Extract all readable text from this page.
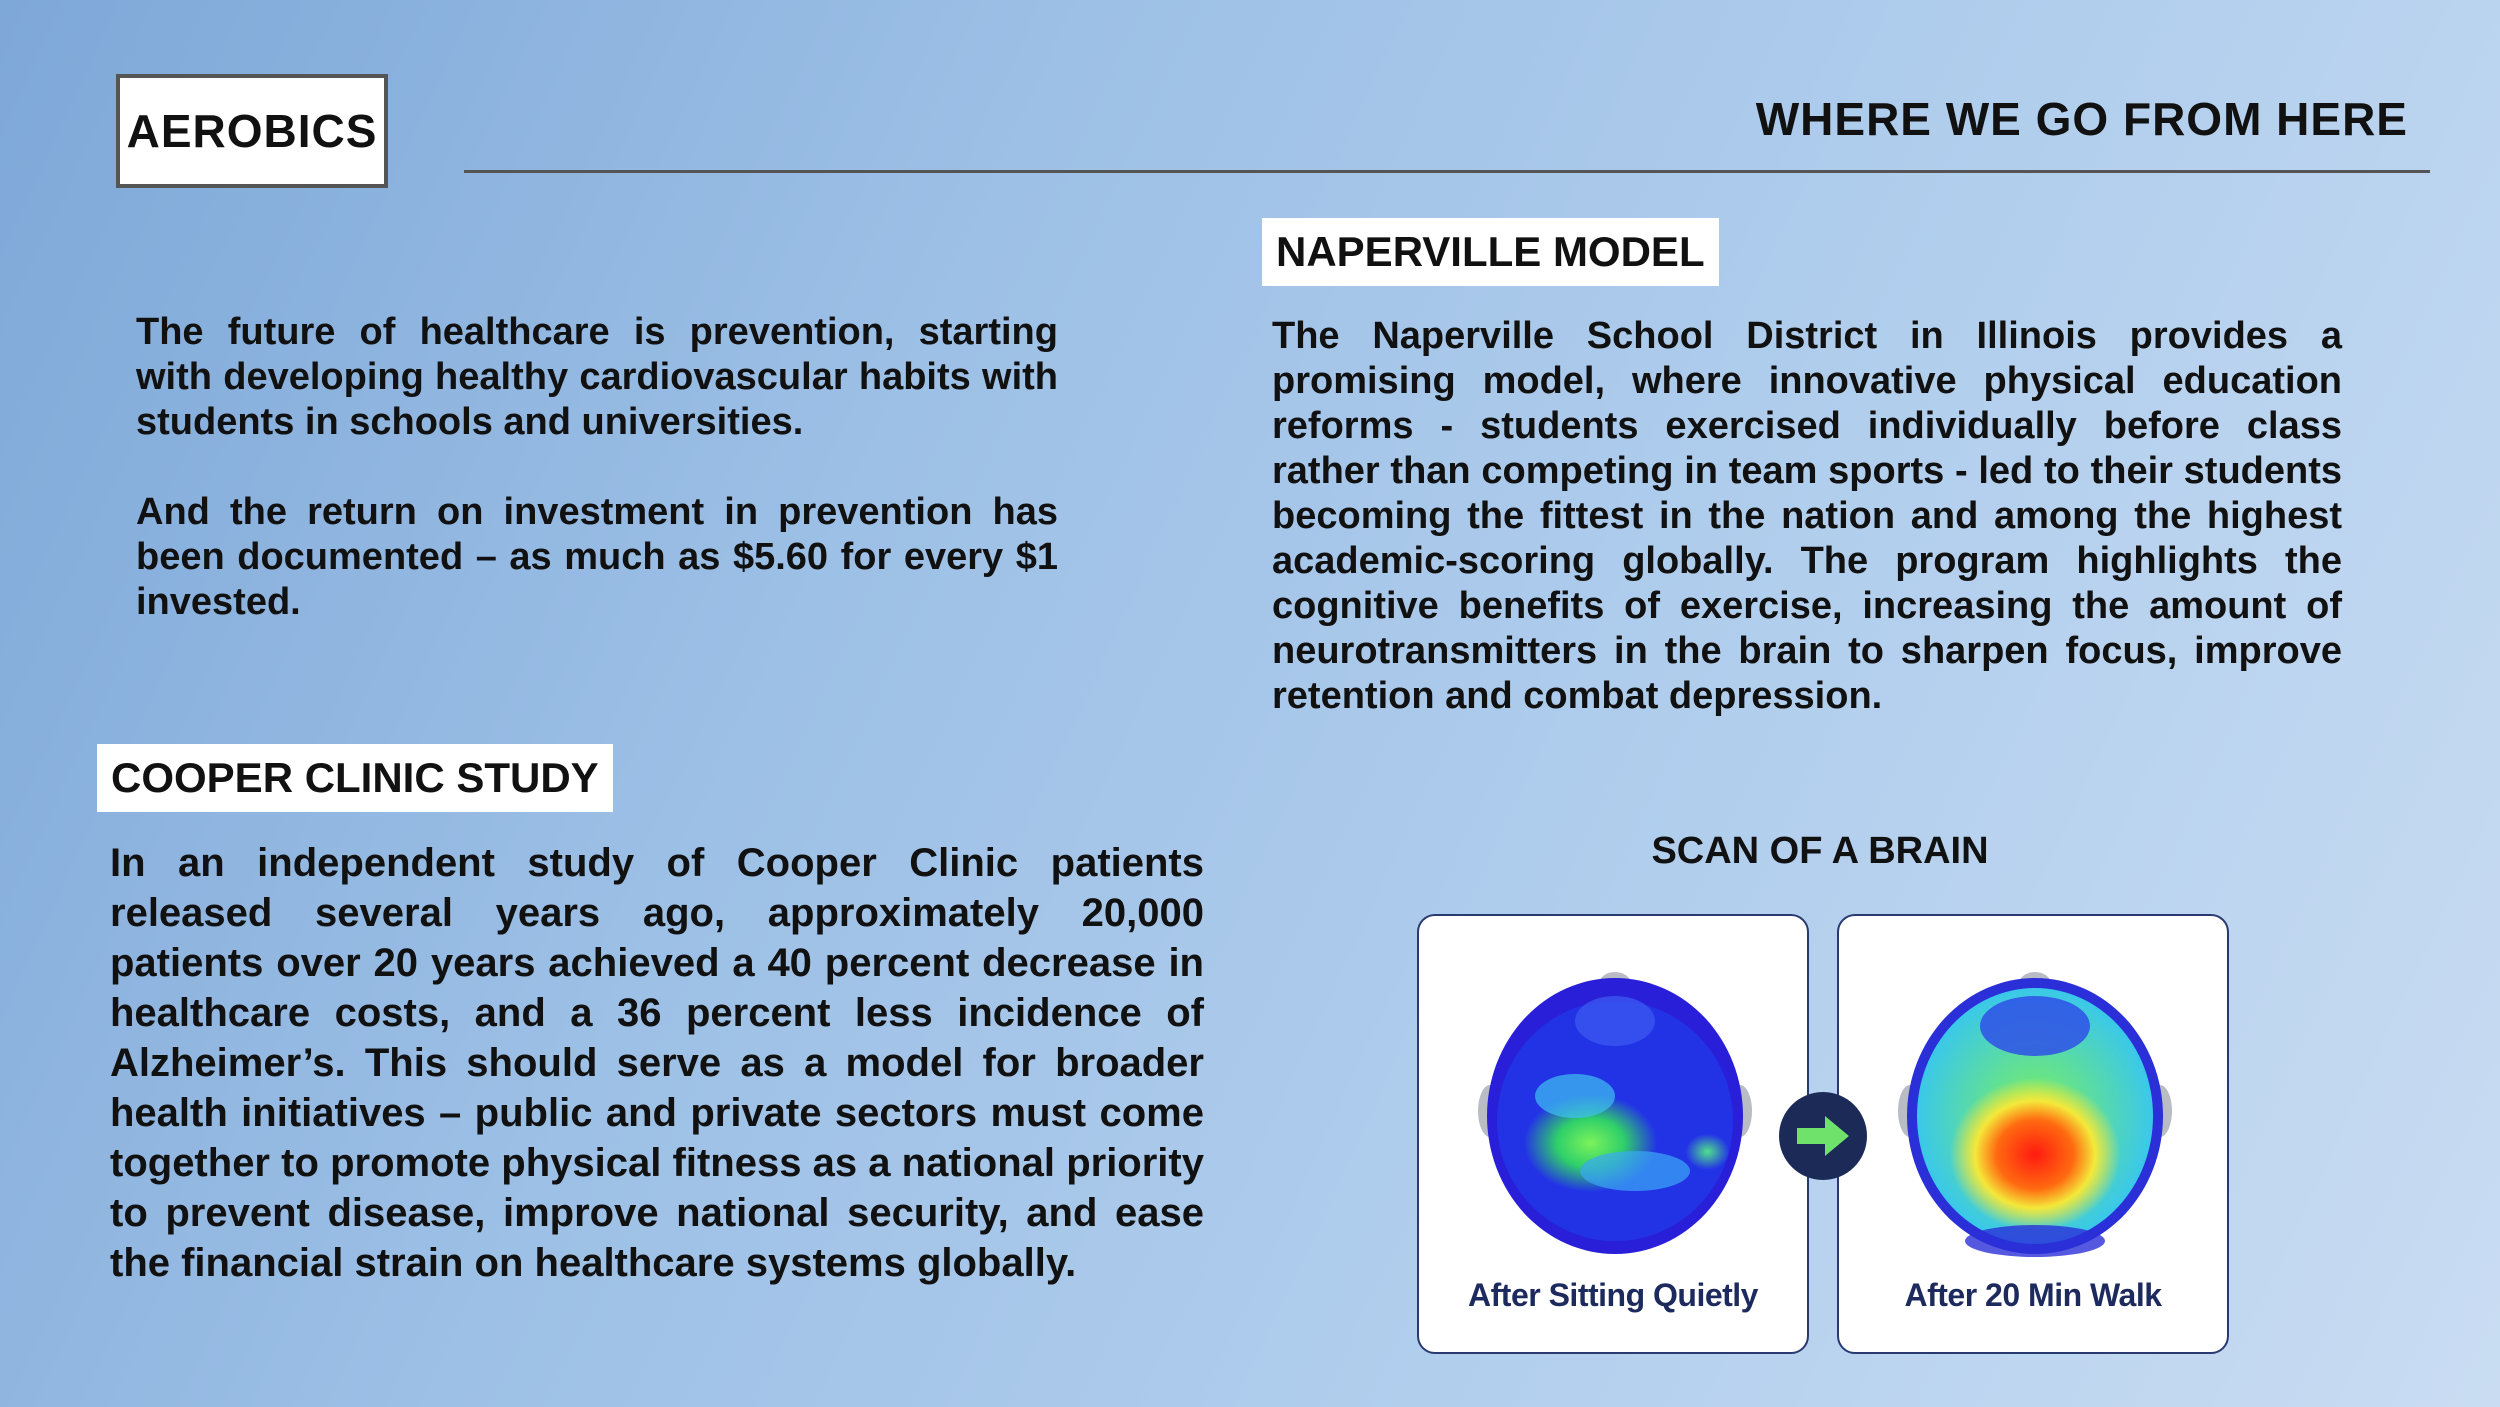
AEROBICS	WHERE WE GO FROM HERE

The future of healthcare is prevention, starting with developing healthy cardiovascular habits with students in schools and universities.

And the return on investment in prevention has been documented – as much as $5.60 for every $1 invested.

NAPERVILLE MODEL

The Naperville School District in Illinois provides a promising model, where innovative physical education reforms - students exercised individually before class rather than competing in team sports - led to their students becoming the fittest in the nation and among the highest academic-scoring globally. The program highlights the cognitive benefits of exercise, increasing the amount of neurotransmitters in the brain to sharpen focus, improve retention and combat depression.

COOPER CLINIC STUDY

In an independent study of Cooper Clinic patients released several years ago, approximately 20,000 patients over 20 years achieved a 40 percent decrease in healthcare costs, and a 36 percent less incidence of Alzheimer’s. This should serve as a model for broader health initiatives – public and private sectors must come together to promote physical fitness as a national priority to prevent disease, improve national security, and ease the financial strain on healthcare systems globally.

SCAN OF A BRAIN
After Sitting Quietly	After 20 Min Walk
